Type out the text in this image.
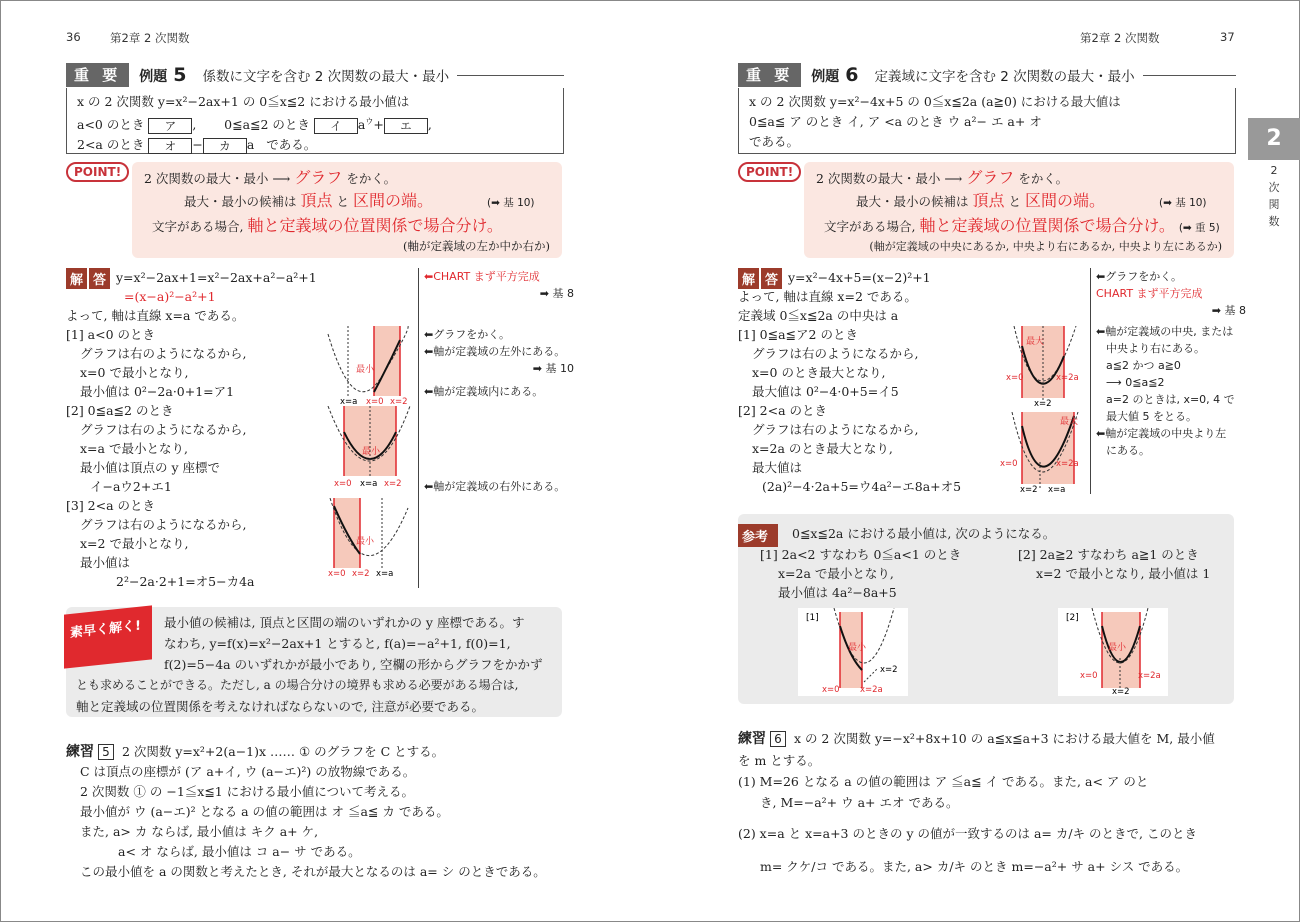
36	第2章 2 次関数
重 要	例題 5 係数に文字を含む 2 次関数の最大・最小
x の 2 次関数 y=x²−2ax+1 の 0≦x≦2 における最小値は
a<0 のとき ア ,       0≦a≦2 のとき イ $a^ウ+$ エ ,
2<a のとき オ − カ a   である。
POINT!	2 次関数の最大・最小 ⟶ グラフ をかく。
最大・最小の候補は 頂点 と 区間の端。	(➡ 基 10)
文字がある場合, 軸と定義域の位置関係で場合分け。
(軸が定義域の左か中か右か)
解 答 y=x²−2ax+1=x²−2ax+a²−a²+1
=(x−a)²−a²+1
よって, 軸は直線 x=a である。
[1] a<0 のとき
グラフは右のようになるから,
x=0 で最小となり,
最小値は 0²−2a·0+1=ア1
[2] 0≦a≦2 のとき
グラフは右のようになるから,
x=a で最小となり,
最小値は頂点の y 座標で
イ−aウ2+エ1
[3] 2<a のとき
グラフは右のようになるから,
x=2 で最小となり,
最小値は
2²−2a·2+1=オ5−カ4a
最小
x=a x=0 x=2
最小
x=0 x=a x=2
最小
x=0 x=2 x=a
⬅CHART まず平方完成
➡ 基 8
⬅グラフをかく。
⬅軸が定義域の左外にある。
➡ 基 10
⬅軸が定義域内にある。
⬅軸が定義域の右外にある。
素早く解く!	最小値の候補は, 頂点と区間の端のいずれかの y 座標である。す
なわち, y=f(x)=x²−2ax+1 とすると, f(a)=−a²+1, f(0)=1,
f(2)=5−4a のいずれかが最小であり, 空欄の形からグラフをかかず
とも求めることができる。ただし, a の場合分けの境界も求める必要がある場合は,
軸と定義域の位置関係を考えなければならないので, 注意が必要である。
練習 5 2 次関数 y=x²+2(a−1)x …… ① のグラフを C とする。
C は頂点の座標が (ア a+イ, ウ (a−エ)²) の放物線である。
2 次関数 ① の −1≦x≦1 における最小値について考える。
最小値が ウ (a−エ)² となる a の値の範囲は オ ≦a≦ カ である。
また, a> カ ならば, 最小値は キク a+ ケ,
a< オ ならば, 最小値は コ a− サ である。
この最小値を a の関数と考えたとき, それが最大となるのは a= シ のときである。
第2章 2 次関数	37
重 要	例題 6 定義域に文字を含む 2 次関数の最大・最小
x の 2 次関数 y=x²−4x+5 の 0≦x≦2a (a≧0) における最大値は
0≦a≦ ア のとき イ, ア <a のとき ウ a²− エ a+ オ
である。
POINT!	2 次関数の最大・最小 ⟶ グラフ をかく。
最大・最小の候補は 頂点 と 区間の端。	(➡ 基 10)
文字がある場合, 軸と定義域の位置関係で場合分け。 (➡ 重 5)
(軸が定義域の中央にあるか, 中央より右にあるか, 中央より左にあるか)
解 答 y=x²−4x+5=(x−2)²+1
よって, 軸は直線 x=2 である。
定義域 0≦x≦2a の中央は a
[1] 0≦a≦ア2 のとき
グラフは右のようになるから,
x=0 のとき最大となり,
最大値は 0²−4·0+5=イ5
[2] 2<a のとき
グラフは右のようになるから,
x=2a のとき最大となり,
最大値は
(2a)²−4·2a+5=ウ4a²−エ8a+オ5
最大
x=0	x=2a
x=2
最大
x=0	x=2a
x=2 x=a
⬅グラフをかく。
CHART まず平方完成
➡ 基 8
⬅軸が定義域の中央, または
中央より右にある。
a≦2 かつ a≧0
⟶ 0≦a≦2
a=2 のときは, x=0, 4 で
最大値 5 をとる。
⬅軸が定義域の中央より左
にある。
参考	0≦x≦2a における最小値は, 次のようになる。
[1] 2a<2 すなわち 0≦a<1 のとき
x=2a で最小となり,
最小値は 4a²−8a+5
[2] 2a≧2 すなわち a≧1 のとき
x=2 で最小となり, 最小値は 1
[1]
最小
x=2
x=0 x=2a
[2]
最小
x=0	x=2a
x=2
練習 6 x の 2 次関数 y=−x²+8x+10 の a≦x≦a+3 における最大値を M, 最小値
を m とする。
(1) M=26 となる a の値の範囲は ア ≦a≦ イ である。また, a< ア のと
き, M=−a²+ ウ a+ エオ である。
(2) x=a と x=a+3 のときの y の値が一致するのは a= カ/キ のときで, このとき
m= クケ/コ である。また, a> カ/キ のとき m=−a²+ サ a+ シス である。
2
2次関数
